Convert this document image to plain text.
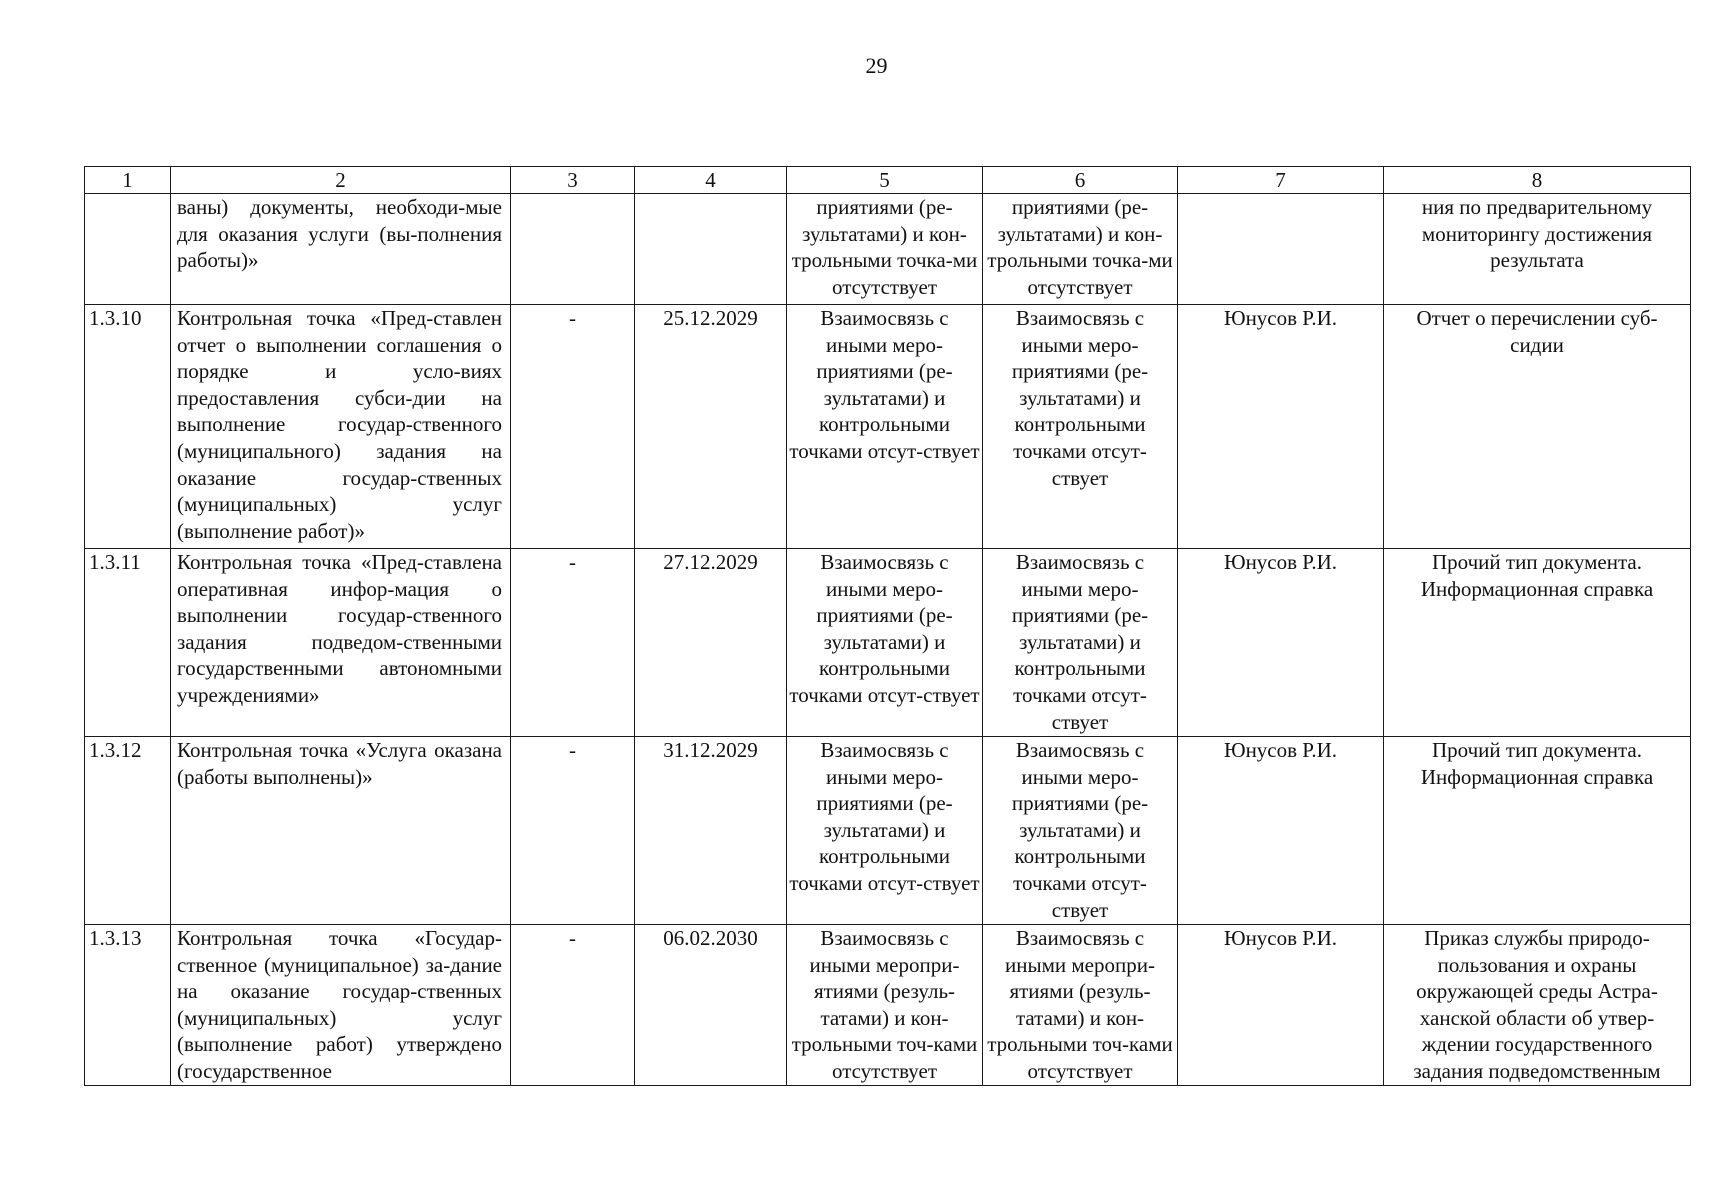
29
1	2	3	4	5	6	7	8

	ваны) документы, необходи-мые для оказания услуги (вы-полнения работы)»			приятиями (ре-зультатами) и кон-трольными точка-ми отсутствует	приятиями (ре-зультатами) и кон-трольными точка-ми отсутствует		ния по предварительному мониторингу достижения результата

1.3.10	Контрольная точка «Пред-ставлен отчет о выполнении соглашения о порядке и усло-виях предоставления субси-дии на выполнение государ-ственного (муниципального) задания на оказание государ-ственных (муниципальных) услуг (выполнение работ)»	-	25.12.2029	Взаимосвязь с иными меро-приятиями (ре-зультатами) и контрольными точками отсут-ствует	Взаимосвязь с иными меро-приятиями (ре-зультатами) и контрольными точками отсут-ствует	Юнусов Р.И.	Отчет о перечислении суб-сидии

1.3.11	Контрольная точка «Пред-ставлена оперативная инфор-мация о выполнении государ-ственного задания подведом-ственными государственными автономными учреждениями»	-	27.12.2029	Взаимосвязь с иными меро-приятиями (ре-зультатами) и контрольными точками отсут-ствует	Взаимосвязь с иными меро-приятиями (ре-зультатами) и контрольными точками отсут-ствует	Юнусов Р.И.	Прочий тип документа. Информационная справка

1.3.12	Контрольная точка «Услуга оказана (работы выполнены)»	-	31.12.2029	Взаимосвязь с иными меро-приятиями (ре-зультатами) и контрольными точками отсут-ствует	Взаимосвязь с иными меро-приятиями (ре-зультатами) и контрольными точками отсут-ствует	Юнусов Р.И.	Прочий тип документа. Информационная справка

1.3.13	Контрольная точка «Государ-ственное (муниципальное) за-дание на оказание государ-ственных (муниципальных) услуг (выполнение работ) утверждено (государственное	-	06.02.2030	Взаимосвязь с иными меропри-ятиями (резуль-татами) и кон-трольными точ-ками отсутствует	Взаимосвязь с иными меропри-ятиями (резуль-татами) и кон-трольными точ-ками отсутствует	Юнусов Р.И.	Приказ службы природо-пользования и охраны окружающей среды Астра-ханской области об утвер-ждении государственного задания подведомственным
